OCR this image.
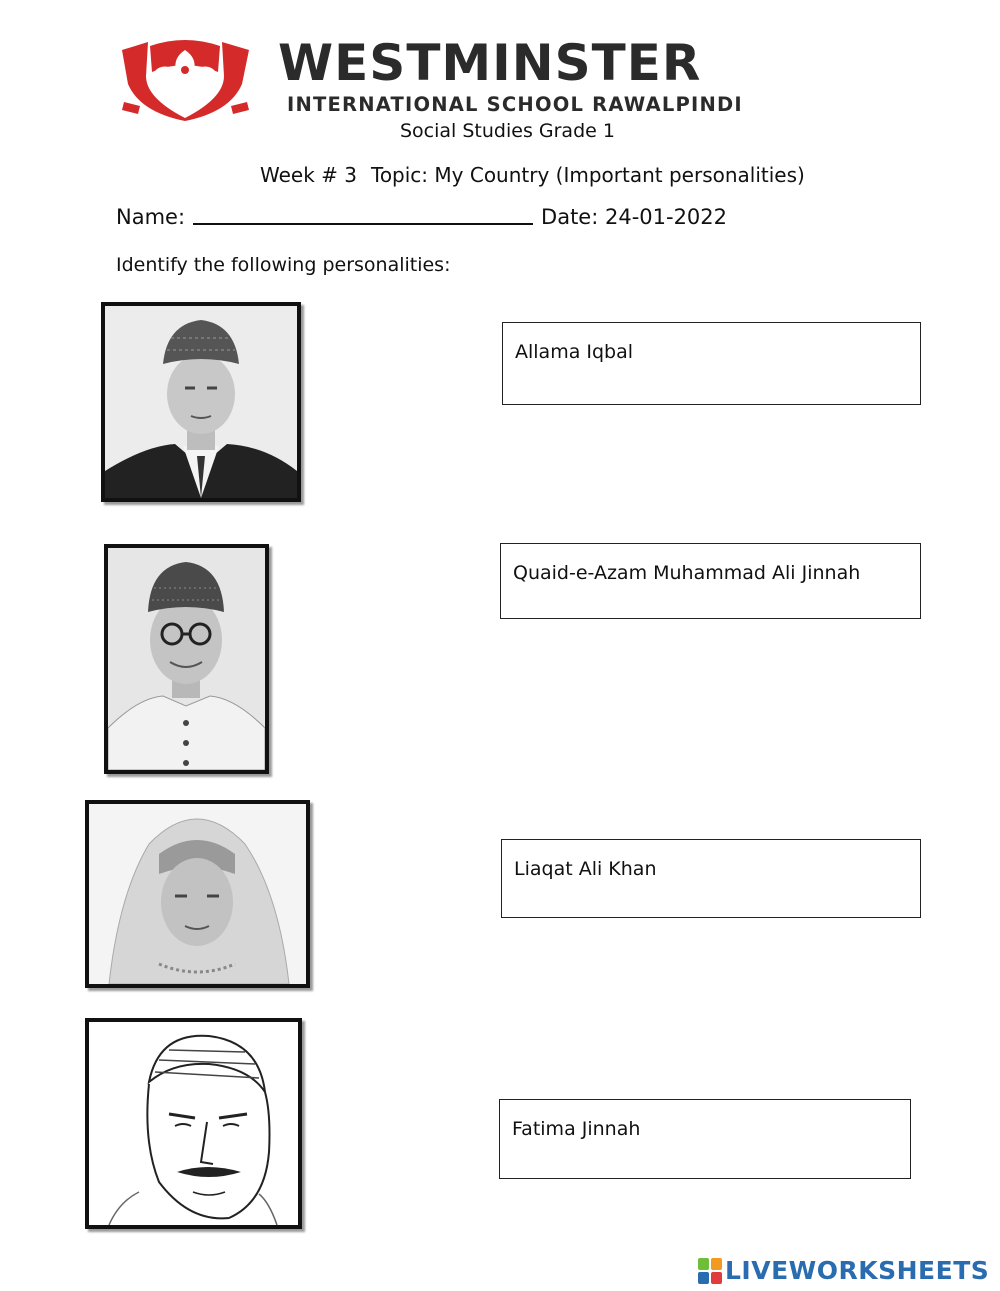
WESTMINSTER
INTERNATIONAL SCHOOL RAWALPINDI
Social Studies Grade 1
Week # 3 Topic: My Country (Important personalities)
Name:	Date: 24-01-2022
Identify the following personalities:
Allama Iqbal
Quaid-e-Azam Muhammad Ali Jinnah
Liaqat Ali Khan
Fatima Jinnah
LIVEWORKSHEETS
